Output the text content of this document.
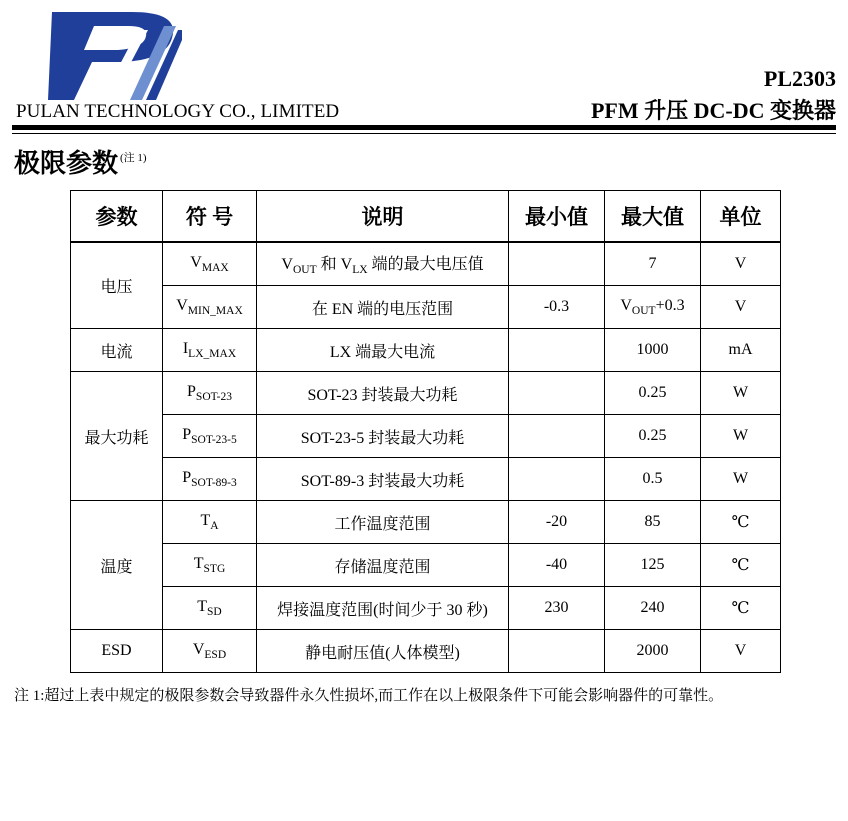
PULAN TECHNOLOGY CO., LIMITED
PL2303
PFM 升压 DC-DC 变换器
极限参数 $^{(注 1)}$
参数	符 号	说明	最小值	最大值	单位
电压	$V_{MAX}$	$V_{OUT}$ 和 $V_{LX}$ 端的最大电压值		7	V
	$V_{MIN\_MAX}$	在 EN 端的电压范围	-0.3	$V_{OUT}+0.3$	V
电流	$I_{LX\_MAX}$	LX 端最大电流		1000	mA
最大功耗	$P_{SOT-23}$	SOT-23 封装最大功耗		0.25	W
	$P_{SOT-23-5}$	SOT-23-5 封装最大功耗		0.25	W
	$P_{SOT-89-3}$	SOT-89-3 封装最大功耗		0.5	W
温度	$T_A$	工作温度范围	-20	85	℃
	$T_{STG}$	存储温度范围	-40	125	℃
	$T_{SD}$	焊接温度范围(时间少于 30 秒)	230	240	℃
ESD	$V_{ESD}$	静电耐压值(人体模型)		2000	V
注 1:超过上表中规定的极限参数会导致器件永久性损坏,而工作在以上极限条件下可能会影响器件的可靠性。
